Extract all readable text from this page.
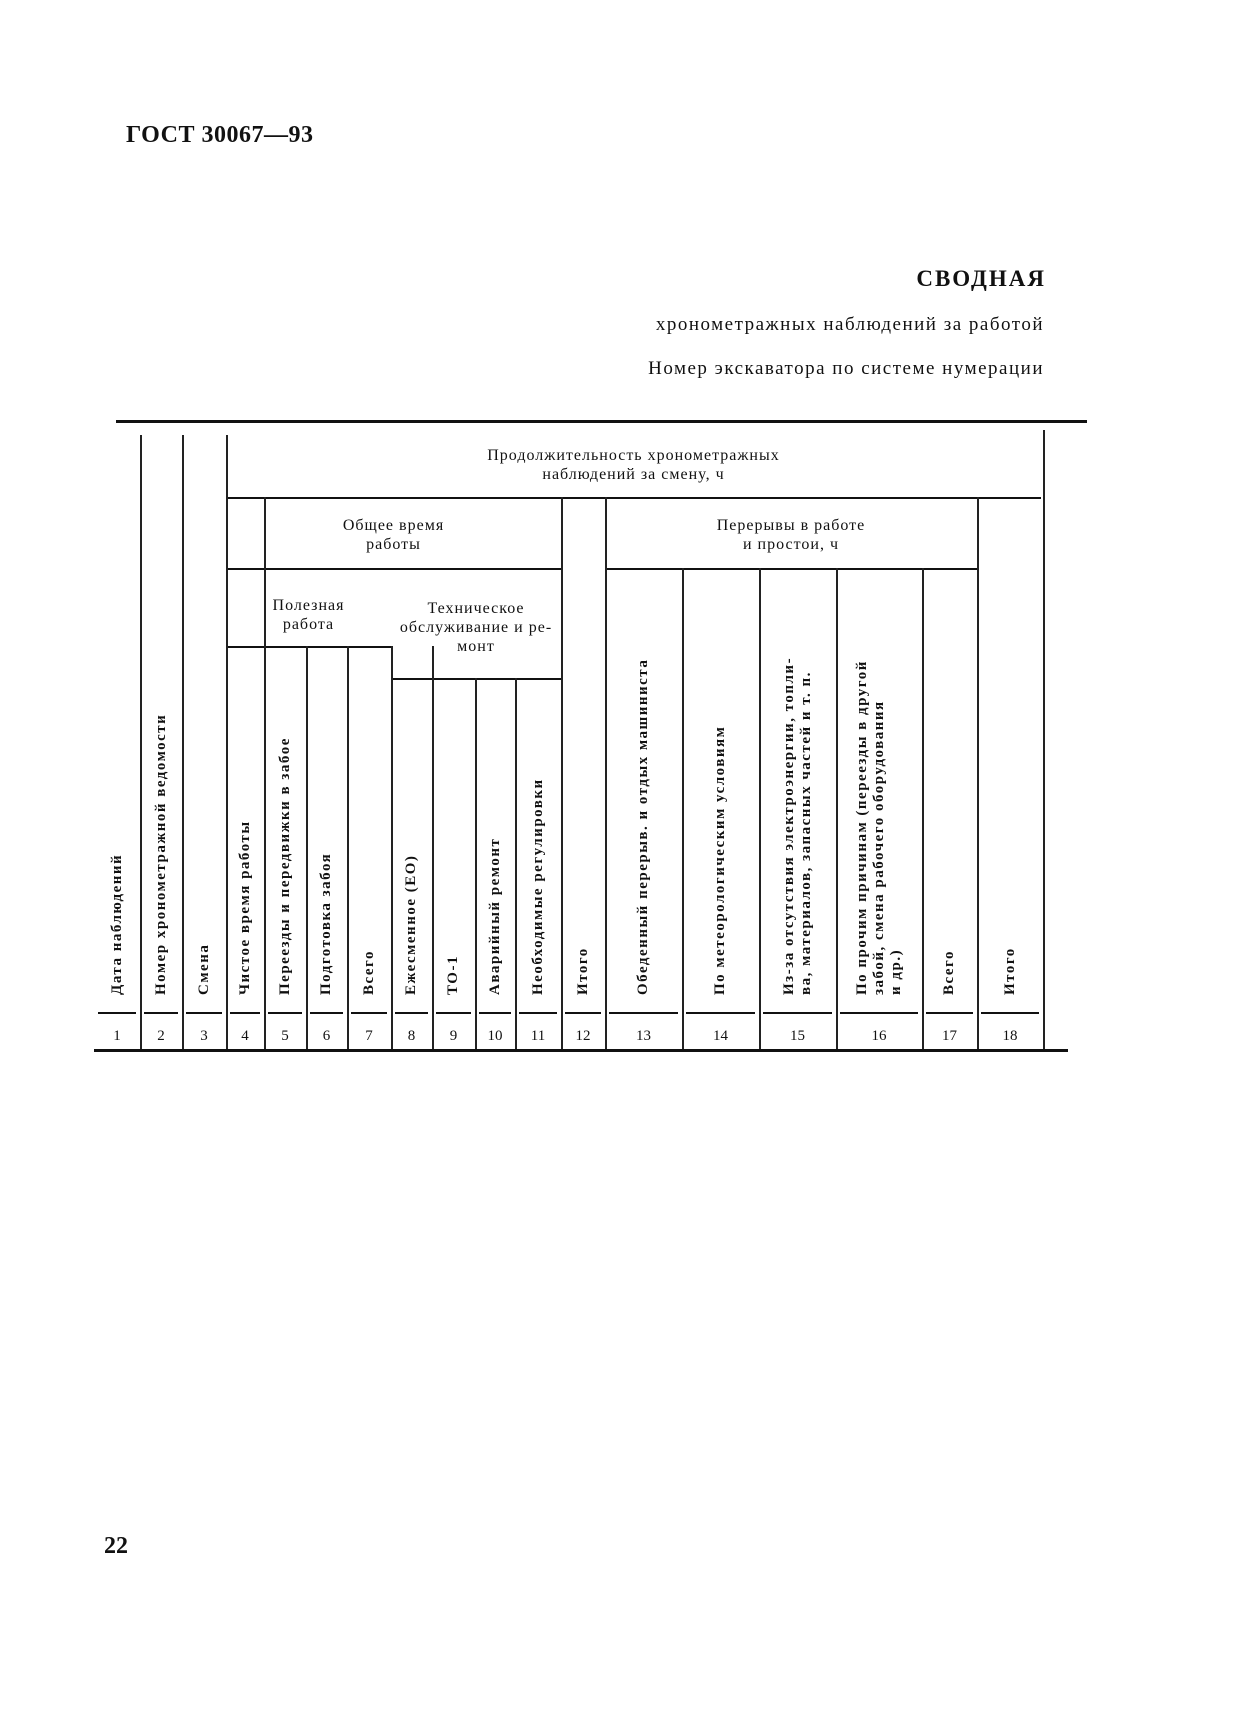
ГОСТ 30067—93
СВОДНАЯ
хронометражных наблюдений за работой
Номер экскаватора по системе нумерации
Продолжительность хронометражных
наблюдений за смену, ч
Общее время
работы
Перерывы в работе
и простои, ч
Полезная
работа
Техническое
обслуживание и ре-
монт
Дата наблюдений
1
Номер хронометражной ведомости
2
Смена
3
Чистое время работы
4
Переезды и передвижки в забое
5
Подготовка забоя
6
Всего
7
Ежесменное (ЕО)
8
ТО-1
9
Аварийный ремонт
10
Необходимые регулировки
11
Итого
12
Обеденный перерыв. и отдых машиниста
13
По метеорологическим условиям
14
Из-за отсутствия электроэнергии, топли-
ва, материалов, запасных частей и т. п.
15
По прочим причинам (переезды в другой
забой, смена рабочего оборудования
и др.)
16
Всего
17
Итого
18
22
